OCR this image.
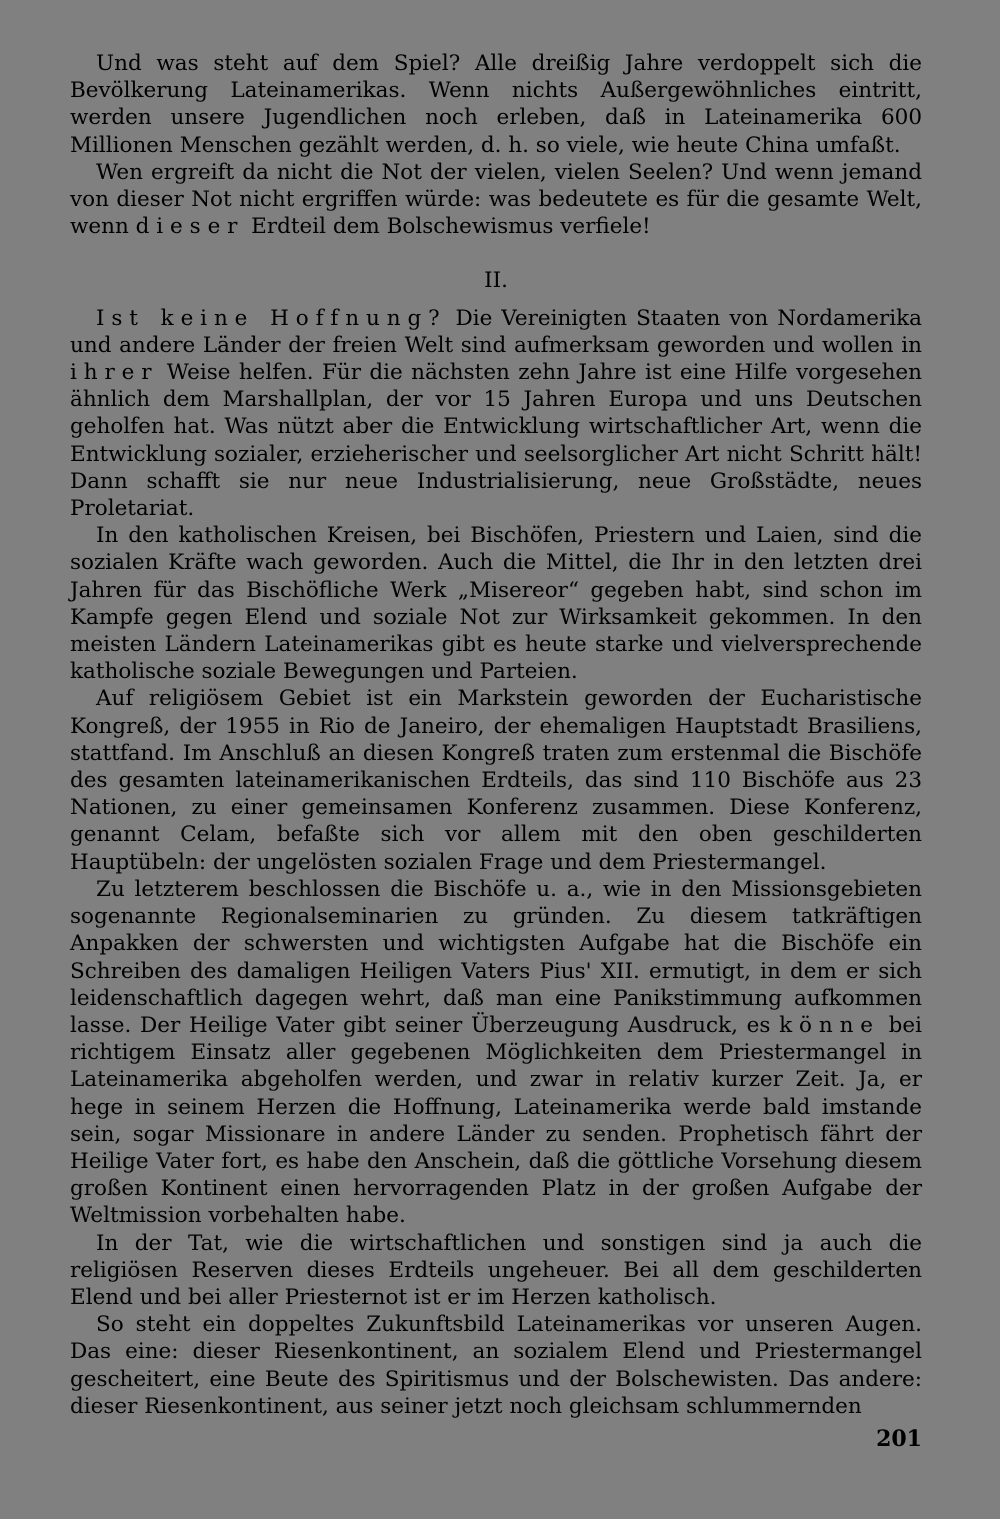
Und was steht auf dem Spiel? Alle dreißig Jahre verdoppelt sich die Bevölkerung Lateinamerikas. Wenn nichts Außergewöhnliches eintritt, werden unsere Jugendlichen noch erleben, daß in Lateinamerika 600 Millionen Menschen gezählt werden, d. h. so viele, wie heute China umfaßt.

Wen ergreift da nicht die Not der vielen, vielen Seelen? Und wenn jemand von dieser Not nicht ergriffen würde: was bedeutete es für die gesamte Welt, wenn dieser Erdteil dem Bolschewismus verfiele!

II.

Ist keine Hoffnung? Die Vereinigten Staaten von Nordamerika und andere Länder der freien Welt sind aufmerksam geworden und wollen in ihrer Weise helfen. Für die nächsten zehn Jahre ist eine Hilfe vorgesehen ähnlich dem Marshallplan, der vor 15 Jahren Europa und uns Deutschen geholfen hat. Was nützt aber die Entwicklung wirtschaftlicher Art, wenn die Entwicklung sozialer, erzieherischer und seelsorglicher Art nicht Schritt hält! Dann schafft sie nur neue Industrialisierung, neue Großstädte, neues Proletariat.

In den katholischen Kreisen, bei Bischöfen, Priestern und Laien, sind die sozialen Kräfte wach geworden. Auch die Mittel, die Ihr in den letzten drei Jahren für das Bischöfliche Werk „Misereor“ gegeben habt, sind schon im Kampfe gegen Elend und soziale Not zur Wirksamkeit gekommen. In den meisten Ländern Lateinamerikas gibt es heute starke und vielversprechende katholische soziale Bewegungen und Parteien.

Auf religiösem Gebiet ist ein Markstein geworden der Eucharistische Kongreß, der 1955 in Rio de Janeiro, der ehemaligen Hauptstadt Brasiliens, stattfand. Im Anschluß an diesen Kongreß traten zum erstenmal die Bischöfe des gesamten lateinamerikanischen Erdteils, das sind 110 Bischöfe aus 23 Nationen, zu einer gemeinsamen Konferenz zusammen. Diese Konferenz, genannt Celam, befaßte sich vor allem mit den oben geschilderten Hauptübeln: der ungelösten sozialen Frage und dem Priestermangel.

Zu letzterem beschlossen die Bischöfe u. a., wie in den Missionsgebieten sogenannte Regionalseminarien zu gründen. Zu diesem tatkräftigen Anpakken der schwersten und wichtigsten Aufgabe hat die Bischöfe ein Schreiben des damaligen Heiligen Vaters Pius' XII. ermutigt, in dem er sich leidenschaftlich dagegen wehrt, daß man eine Panikstimmung aufkommen lasse. Der Heilige Vater gibt seiner Überzeugung Ausdruck, es könne bei richtigem Einsatz aller gegebenen Möglichkeiten dem Priestermangel in Lateinamerika abgeholfen werden, und zwar in relativ kurzer Zeit. Ja, er hege in seinem Herzen die Hoffnung, Lateinamerika werde bald imstande sein, sogar Missionare in andere Länder zu senden. Prophetisch fährt der Heilige Vater fort, es habe den Anschein, daß die göttliche Vorsehung diesem großen Kontinent einen hervorragenden Platz in der großen Aufgabe der Weltmission vorbehalten habe.

In der Tat, wie die wirtschaftlichen und sonstigen sind ja auch die religiösen Reserven dieses Erdteils ungeheuer. Bei all dem geschilderten Elend und bei aller Priesternot ist er im Herzen katholisch.

So steht ein doppeltes Zukunftsbild Lateinamerikas vor unseren Augen. Das eine: dieser Riesenkontinent, an sozialem Elend und Priestermangel gescheitert, eine Beute des Spiritismus und der Bolschewisten. Das andere: dieser Riesenkontinent, aus seiner jetzt noch gleichsam schlummernden

201
